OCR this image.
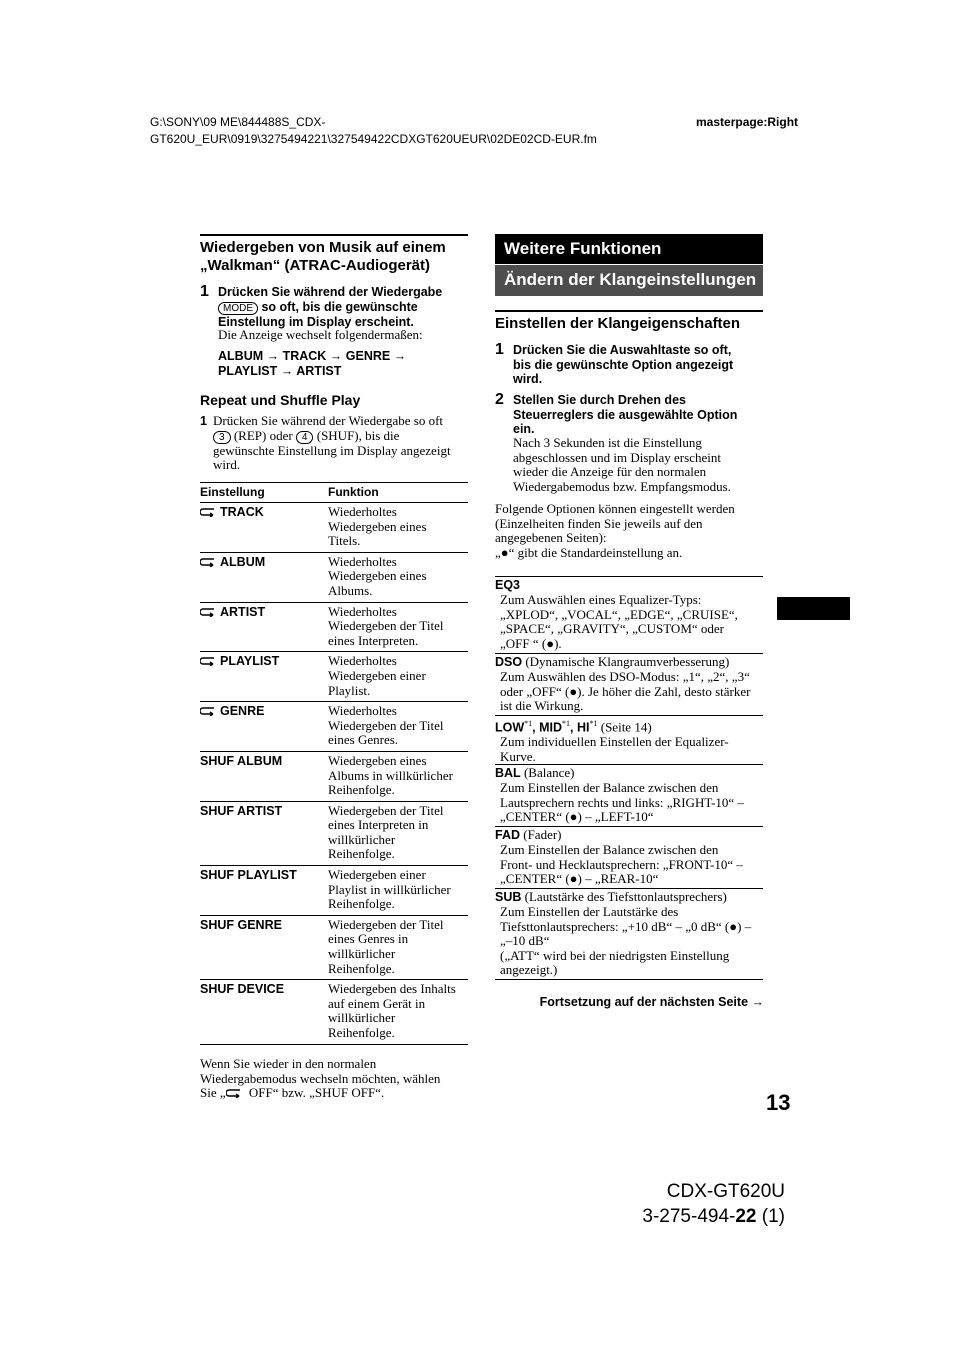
G:\SONY\09 ME\844488S_CDX-
GT620U_EUR\0919\3275494221\327549422CDXGT620UEUR\02DE02CD-EUR.fm
masterpage:Right
Wiedergeben von Musik auf einem
„Walkman“ (ATRAC-Audiogerät)
1 Drücken Sie während der Wiedergabe
MODE so oft, bis die gewünschte
Einstellung im Display erscheint.
Die Anzeige wechselt folgendermaßen:
ALBUM → TRACK → GENRE →
PLAYLIST → ARTIST
Repeat und Shuffle Play
1 Drücken Sie während der Wiedergabe so oft
3 (REP) oder 4 (SHUF), bis die
gewünschte Einstellung im Display angezeigt
wird.
Einstellung	Funktion
TRACK	Wiederholtes
Wiedergeben eines
Titels.

ALBUM	Wiederholtes
Wiedergeben eines
Albums.

ARTIST	Wiederholtes
Wiedergeben der Titel
eines Interpreten.

PLAYLIST	Wiederholtes
Wiedergeben einer
Playlist.

GENRE	Wiederholtes
Wiedergeben der Titel
eines Genres.

SHUF ALBUM	Wiedergeben eines
Albums in willkürlicher
Reihenfolge.

SHUF ARTIST	Wiedergeben der Titel
eines Interpreten in
willkürlicher
Reihenfolge.

SHUF PLAYLIST	Wiedergeben einer
Playlist in willkürlicher
Reihenfolge.

SHUF GENRE	Wiedergeben der Titel
eines Genres in
willkürlicher
Reihenfolge.

SHUF DEVICE	Wiedergeben des Inhalts
auf einem Gerät in
willkürlicher
Reihenfolge.
Wenn Sie wieder in den normalen
Wiedergabemodus wechseln möchten, wählen
Sie „ OFF“ bzw. „SHUF OFF“.
Weitere Funktionen
Ändern der Klangeinstellungen
Einstellen der Klangeigenschaften
1 Drücken Sie die Auswahltaste so oft,
bis die gewünschte Option angezeigt
wird.
2 Stellen Sie durch Drehen des
Steuerreglers die ausgewählte Option
ein.
Nach 3 Sekunden ist die Einstellung
abgeschlossen und im Display erscheint
wieder die Anzeige für den normalen
Wiedergabemodus bzw. Empfangsmodus.
Folgende Optionen können eingestellt werden
(Einzelheiten finden Sie jeweils auf den
angegebenen Seiten):
„●“ gibt die Standardeinstellung an.
EQ3
Zum Auswählen eines Equalizer-Typs:
„XPLOD“, „VOCAL“, „EDGE“, „CRUISE“,
„SPACE“, „GRAVITY“, „CUSTOM“ oder
„OFF “ (●).
DSO (Dynamische Klangraumverbesserung)
Zum Auswählen des DSO-Modus: „1“, „2“, „3“
oder „OFF“ (●). Je höher die Zahl, desto stärker
ist die Wirkung.
LOW$^{*1}$, MID$^{*1}$, HI$^{*1}$ (Seite 14)
Zum individuellen Einstellen der Equalizer-
Kurve.
BAL (Balance)
Zum Einstellen der Balance zwischen den
Lautsprechern rechts und links: „RIGHT-10“ –
„CENTER“ (●) – „LEFT-10“
FAD (Fader)
Zum Einstellen der Balance zwischen den
Front- und Hecklautsprechern: „FRONT-10“ –
„CENTER“ (●) – „REAR-10“
SUB (Lautstärke des Tiefsttonlautsprechers)
Zum Einstellen der Lautstärke des
Tiefsttonlautsprechers: „+10 dB“ – „0 dB“ (●) –
„–10 dB“
(„ATT“ wird bei der niedrigsten Einstellung
angezeigt.)
Fortsetzung auf der nächsten Seite →
13
CDX-GT620U
3-275-494-22 (1)
